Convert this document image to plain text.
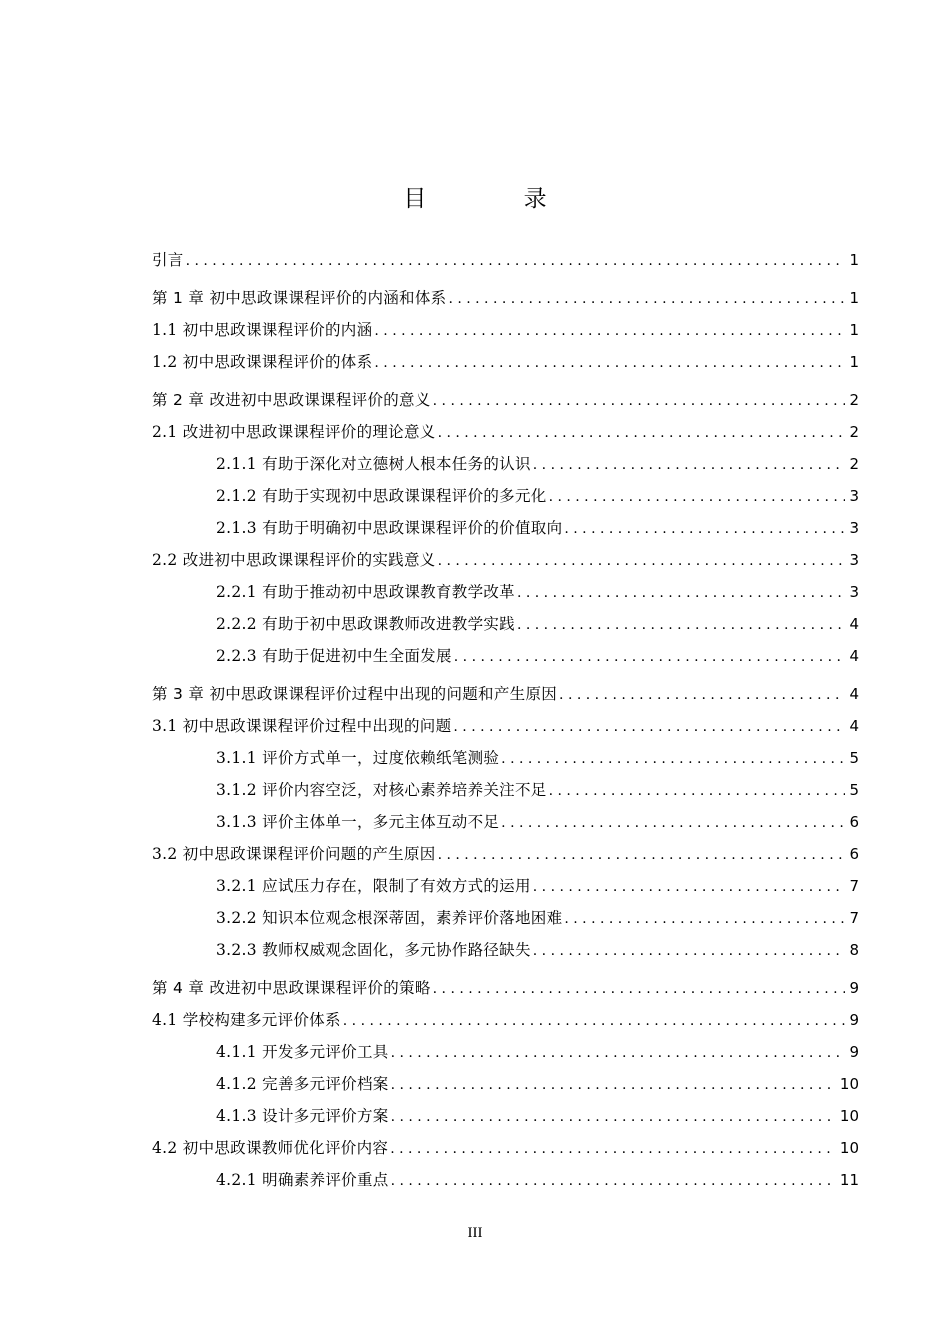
目 录
引言 . . .	1
第 1 章 初中思政课课程评价的内涵和体系 . . .	1
1.1 初中思政课课程评价的内涵 . . .	1
1.2 初中思政课课程评价的体系 . . .	1
第 2 章 改进初中思政课课程评价的意义 . . .	2
2.1 改进初中思政课课程评价的理论意义 . . .	2
2.1.1 有助于深化对立德树人根本任务的认识 . . .	2
2.1.2 有助于实现初中思政课课程评价的多元化 . . .	3
2.1.3 有助于明确初中思政课课程评价的价值取向 . . .	3
2.2 改进初中思政课课程评价的实践意义 . . .	3
2.2.1 有助于推动初中思政课教育教学改革 . . .	3
2.2.2 有助于初中思政课教师改进教学实践 . . .	4
2.2.3 有助于促进初中生全面发展 . . .	4
第 3 章 初中思政课课程评价过程中出现的问题和产生原因 . . .	4
3.1 初中思政课课程评价过程中出现的问题 . . .	4
3.1.1 评价方式单一，过度依赖纸笔测验 . . .	5
3.1.2 评价内容空泛，对核心素养培养关注不足 . . .	5
3.1.3 评价主体单一，多元主体互动不足 . . .	6
3.2 初中思政课课程评价问题的产生原因 . . .	6
3.2.1 应试压力存在，限制了有效方式的运用 . . .	7
3.2.2 知识本位观念根深蒂固，素养评价落地困难 . . .	7
3.2.3 教师权威观念固化，多元协作路径缺失 . . .	8
第 4 章 改进初中思政课课程评价的策略 . . .	9
4.1 学校构建多元评价体系 . . .	9
4.1.1 开发多元评价工具 . . .	9
4.1.2 完善多元评价档案 . . .	10
4.1.3 设计多元评价方案 . . .	10
4.2 初中思政课教师优化评价内容 . . .	10
4.2.1 明确素养评价重点 . . .	11
III
